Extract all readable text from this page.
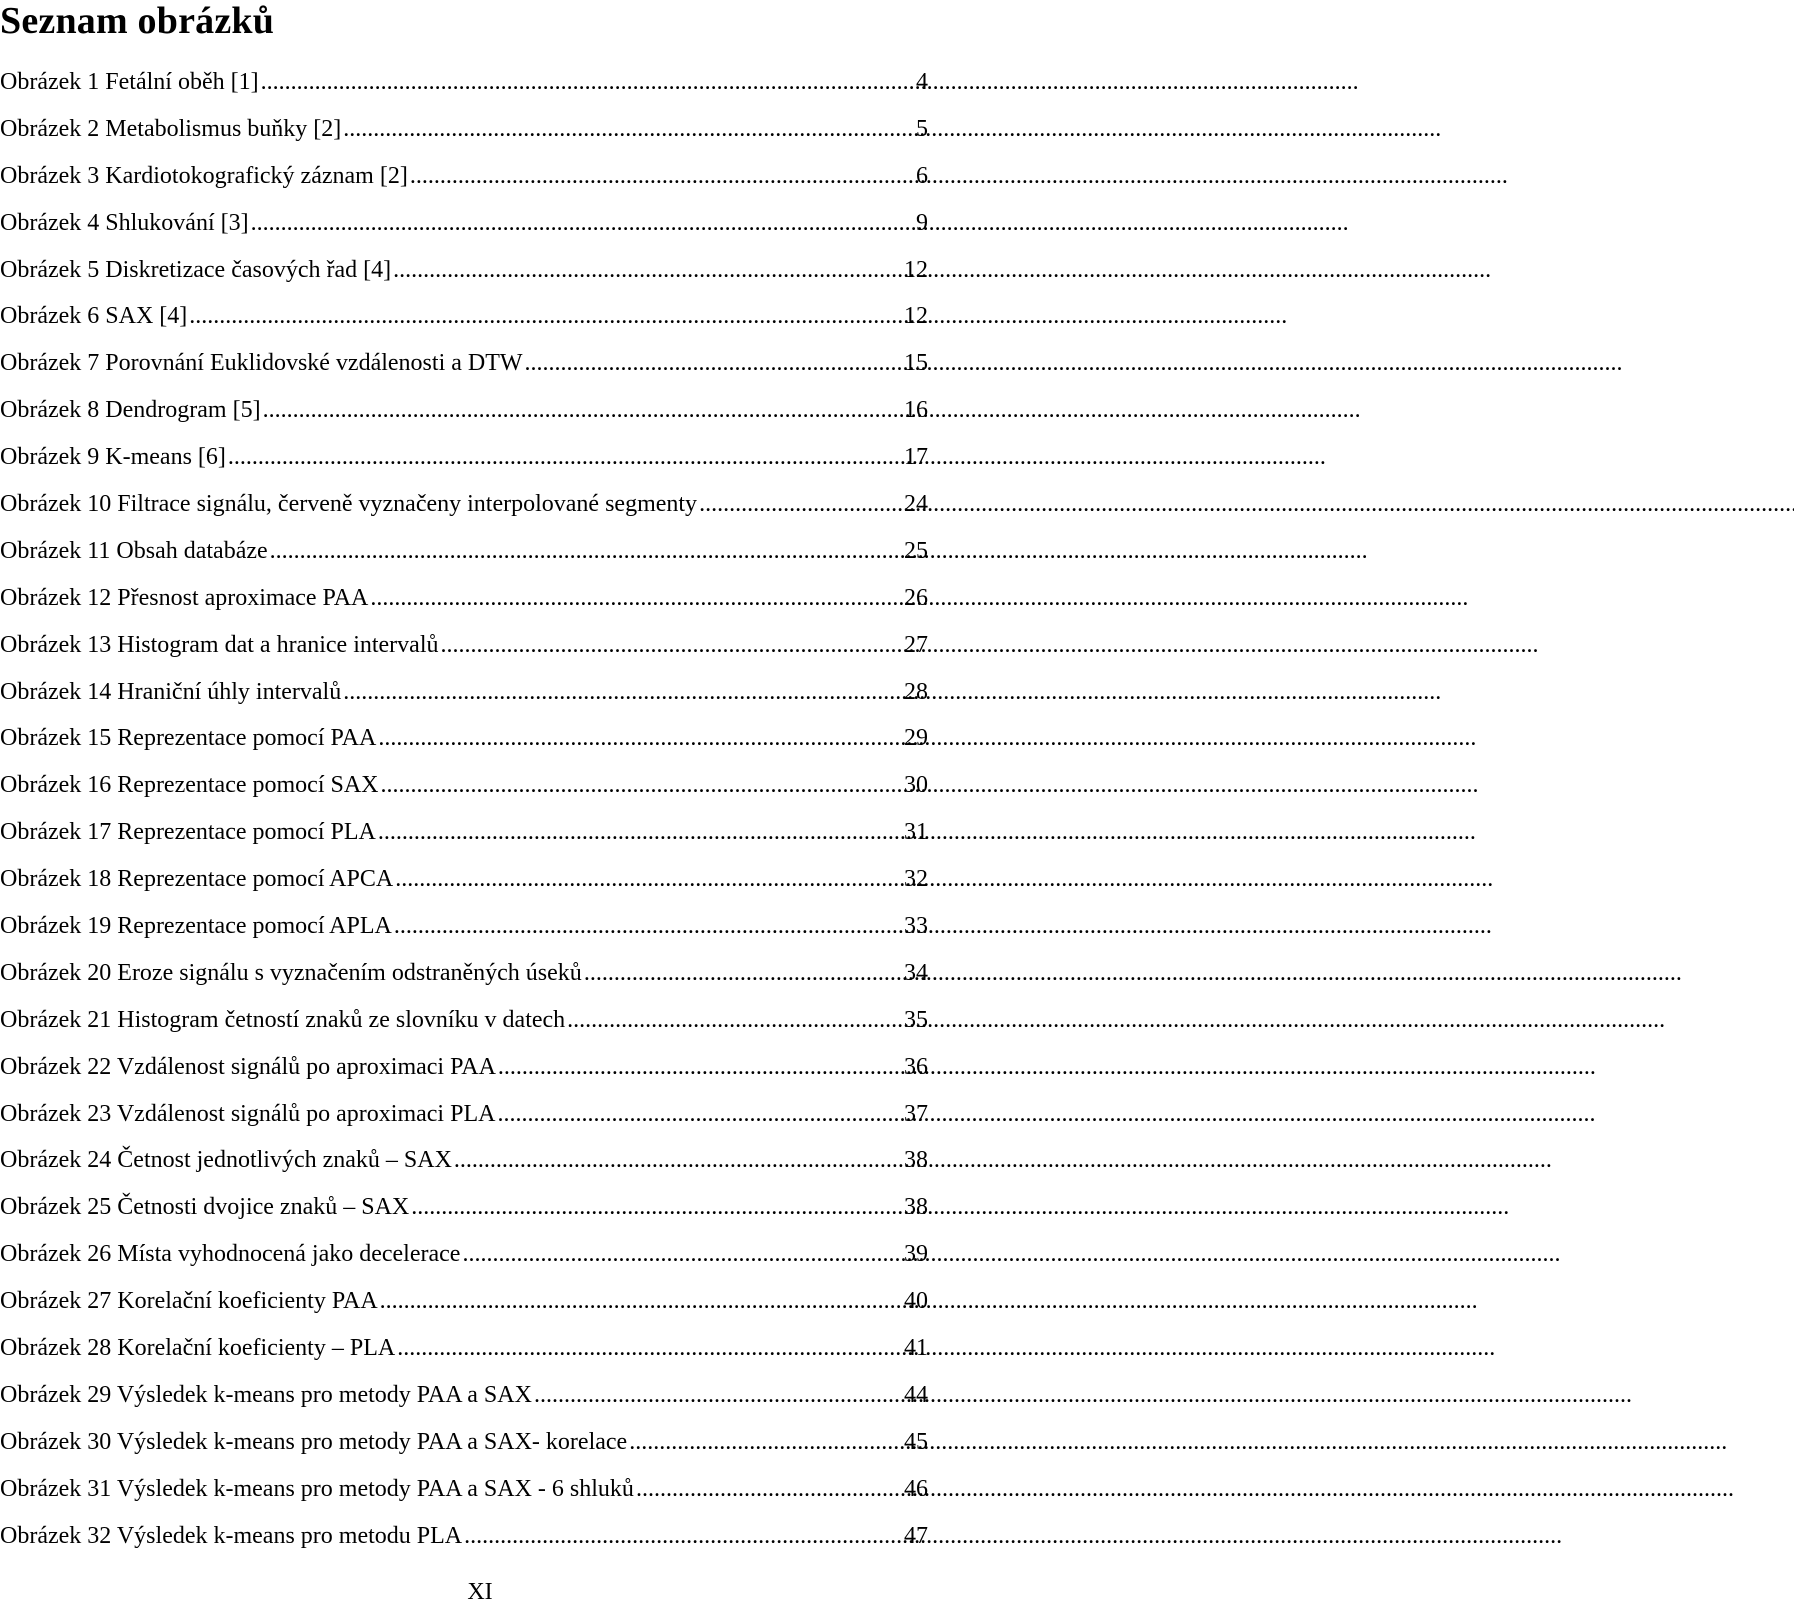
Seznam obrázků
Obrázek 1 Fetální oběh [1] . . .	4
Obrázek 2 Metabolismus buňky [2] . . .	5
Obrázek 3 Kardiotokografický záznam [2] . . .	6
Obrázek 4 Shlukování [3] . . .	9
Obrázek 5 Diskretizace časových řad [4] . . .	12
Obrázek 6 SAX [4] . . .	12
Obrázek 7 Porovnání Euklidovské vzdálenosti a DTW . . .	15
Obrázek 8 Dendrogram [5] . . .	16
Obrázek 9 K-means [6] . . .	17
Obrázek 10 Filtrace signálu, červeně vyznačeny interpolované segmenty . . .	24
Obrázek 11 Obsah databáze . . .	25
Obrázek 12 Přesnost aproximace PAA . . .	26
Obrázek 13 Histogram dat a hranice intervalů . . .	27
Obrázek 14 Hraniční úhly intervalů . . .	28
Obrázek 15 Reprezentace pomocí PAA . . .	29
Obrázek 16 Reprezentace pomocí SAX . . .	30
Obrázek 17 Reprezentace pomocí PLA . . .	31
Obrázek 18 Reprezentace pomocí APCA . . .	32
Obrázek 19 Reprezentace pomocí APLA . . .	33
Obrázek 20 Eroze signálu s vyznačením odstraněných úseků . . .	34
Obrázek 21 Histogram četností znaků ze slovníku v datech . . .	35
Obrázek 22 Vzdálenost signálů po aproximaci PAA . . .	36
Obrázek 23 Vzdálenost signálů po aproximaci PLA . . .	37
Obrázek 24 Četnost jednotlivých znaků – SAX . . .	38
Obrázek 25 Četnosti dvojice znaků – SAX . . .	38
Obrázek 26 Místa vyhodnocená jako decelerace . . .	39
Obrázek 27 Korelační koeficienty PAA . . .	40
Obrázek 28 Korelační koeficienty – PLA . . .	41
Obrázek 29 Výsledek k-means pro metody PAA a SAX . . .	44
Obrázek 30 Výsledek k-means pro metody PAA a SAX- korelace . . .	45
Obrázek 31 Výsledek k-means pro metody PAA a SAX - 6 shluků . . .	46
Obrázek 32 Výsledek k-means pro metodu PLA . . .	47
XI
